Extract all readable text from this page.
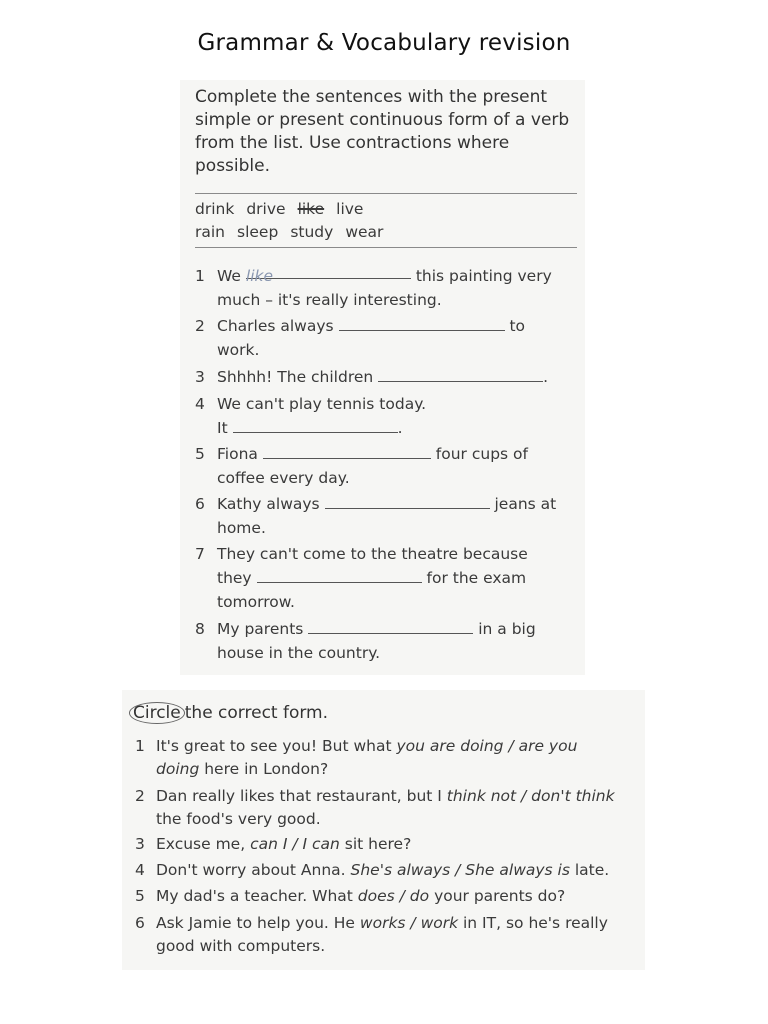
Grammar & Vocabulary revision
Complete the sentences with the present simple or present continuous form of a verb from the list. Use contractions where possible.
drink drive like live
rain sleep study wear
1 We like	this painting very
much – it's really interesting.
2 Charles always	to
work.
3 Shhhh! The children	.
4 We can't play tennis today.
It	.
5 Fiona	four cups of
coffee every day.
6 Kathy always	jeans at
home.
7 They can't come to the theatre because
they	for the exam
tomorrow.
8 My parents	in a big
house in the country.
Circle the correct form.
1 It's great to see you! But what you are doing / are you
doing here in London?
2 Dan really likes that restaurant, but I think not / don't think
the food's very good.
3 Excuse me, can I / I can sit here?
4 Don't worry about Anna. She's always / She always is late.
5 My dad's a teacher. What does / do your parents do?
6 Ask Jamie to help you. He works / work in IT, so he's really
good with computers.
